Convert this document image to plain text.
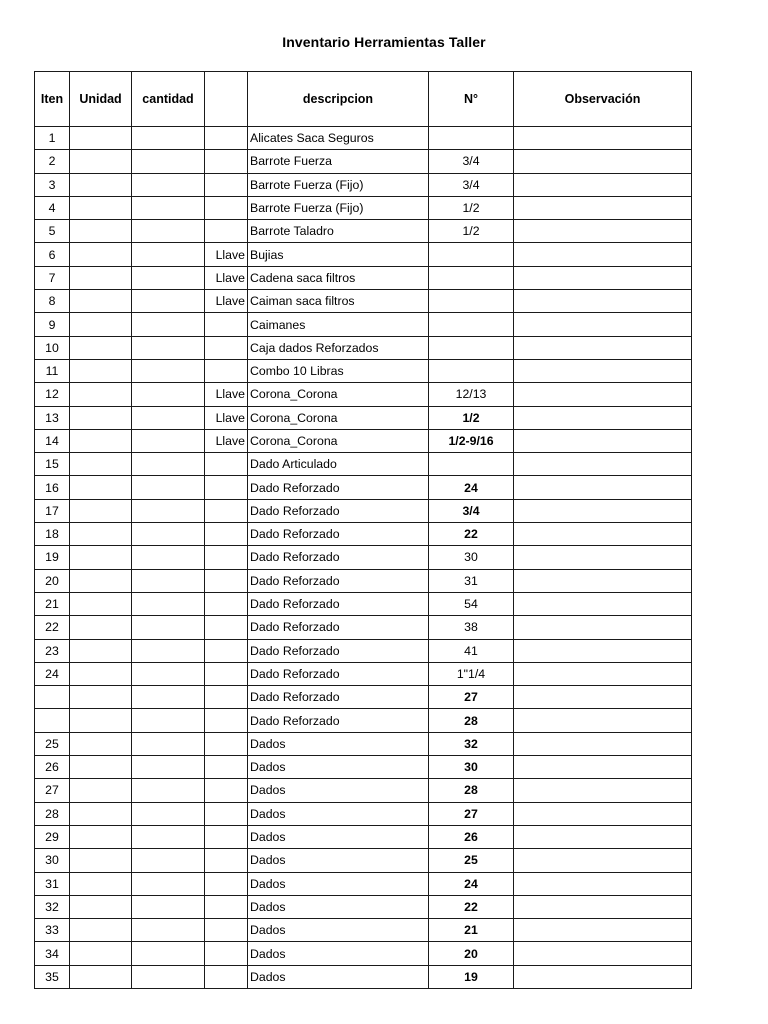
Inventario Herramientas Taller
Iten	Unidad	cantidad		descripcion	N°	Observación
1				Alicates Saca Seguros		
2				Barrote Fuerza	3/4	
3				Barrote Fuerza (Fijo)	3/4	
4				Barrote Fuerza (Fijo)	1/2	
5				Barrote Taladro	1/2	
6			Llave	Bujias		
7			Llave	Cadena saca filtros		
8			Llave	Caiman saca filtros		
9				Caimanes		
10				Caja dados Reforzados		
11				Combo 10 Libras		
12			Llave	Corona_Corona	12/13	
13			Llave	Corona_Corona	1/2	
14			Llave	Corona_Corona	1/2-9/16	
15				Dado Articulado		
16				Dado Reforzado	24	
17				Dado Reforzado	3/4	
18				Dado Reforzado	22	
19				Dado Reforzado	30	
20				Dado Reforzado	31	
21				Dado Reforzado	54	
22				Dado Reforzado	38	
23				Dado Reforzado	41	
24				Dado Reforzado	1"1/4	
				Dado Reforzado	27	
				Dado Reforzado	28	
25				Dados	32	
26				Dados	30	
27				Dados	28	
28				Dados	27	
29				Dados	26	
30				Dados	25	
31				Dados	24	
32				Dados	22	
33				Dados	21	
34				Dados	20	
35				Dados	19	
